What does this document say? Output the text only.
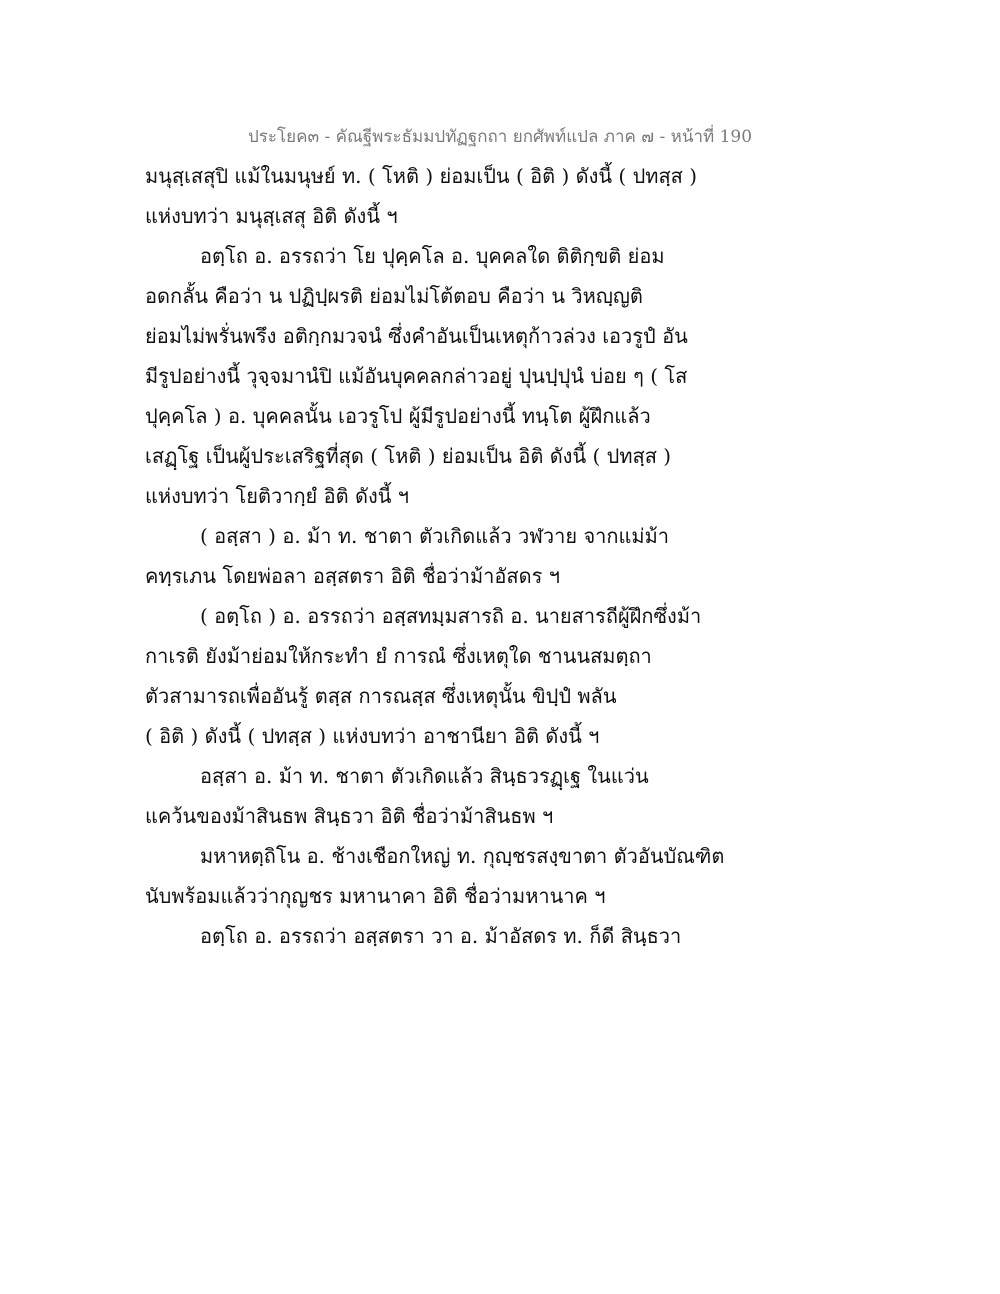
ประโยค๓ - คัณฐีพระธัมมปทัฏฐกถา ยกศัพท์แปล ภาค ๗ - หน้าที่ 190
มนุสฺเสสุปิ แม้ในมนุษย์ ท. ( โหติ ) ย่อมเป็น ( อิติ ) ดังนี้ ( ปทสฺส )
แห่งบทว่า มนุสฺเสสุ อิติ ดังนี้ ฯ
อตฺโถ อ. อรรถว่า โย ปุคฺคโล อ. บุคคลใด ติติกฺขติ ย่อม
อดกลั้น คือว่า น ปฏิปฺผรติ ย่อมไม่โต้ตอบ คือว่า น วิหญฺญติ
ย่อมไม่พรั่นพรึง อติกฺกมวจนํ ซึ่งคำอันเป็นเหตุก้าวล่วง เอวรูปํ อัน
มีรูปอย่างนี้ วุจฺจมานํปิ แม้อันบุคคลกล่าวอยู่ ปุนปฺปุนํ บ่อย ๆ ( โส
ปุคฺคโล ) อ. บุคคลนั้น เอวรูโป ผู้มีรูปอย่างนี้ ทนฺโต ผู้ฝึกแล้ว
เสฏฺโฐ เป็นผู้ประเสริฐที่สุด ( โหติ ) ย่อมเป็น อิติ ดังนี้ ( ปทสฺส )
แห่งบทว่า โยติวากฺยํ อิติ ดังนี้ ฯ
( อสฺสา ) อ. ม้า ท. ชาตา ตัวเกิดแล้ว วฬวาย จากแม่ม้า
คทฺรเภน โดยพ่อลา อสฺสตรา อิติ ชื่อว่าม้าอัสดร ฯ
( อตฺโถ ) อ. อรรถว่า อสฺสทมฺมสารถิ อ. นายสารถีผู้ฝึกซึ่งม้า
กาเรติ ยังม้าย่อมให้กระทำ ยํ การณํ ซึ่งเหตุใด ชานนสมตฺถา
ตัวสามารถเพื่ออันรู้ ตสฺส การณสฺส ซึ่งเหตุนั้น ขิปฺปํ พลัน
( อิติ ) ดังนี้ ( ปทสฺส ) แห่งบทว่า อาชานียา อิติ ดังนี้ ฯ
อสฺสา อ. ม้า ท. ชาตา ตัวเกิดแล้ว สินฺธวรฏฺเฐ ในแว่น
แคว้นของม้าสินธพ สินฺธวา อิติ ชื่อว่าม้าสินธพ ฯ
มหาหตฺถิโน อ. ช้างเชือกใหญ่ ท. กุญฺชรสงฺขาตา ตัวอันบัณฑิต
นับพร้อมแล้วว่ากุญชร มหานาคา อิติ ชื่อว่ามหานาค ฯ
อตฺโถ อ. อรรถว่า อสฺสตรา วา อ. ม้าอัสดร ท. ก็ดี สินฺธวา
